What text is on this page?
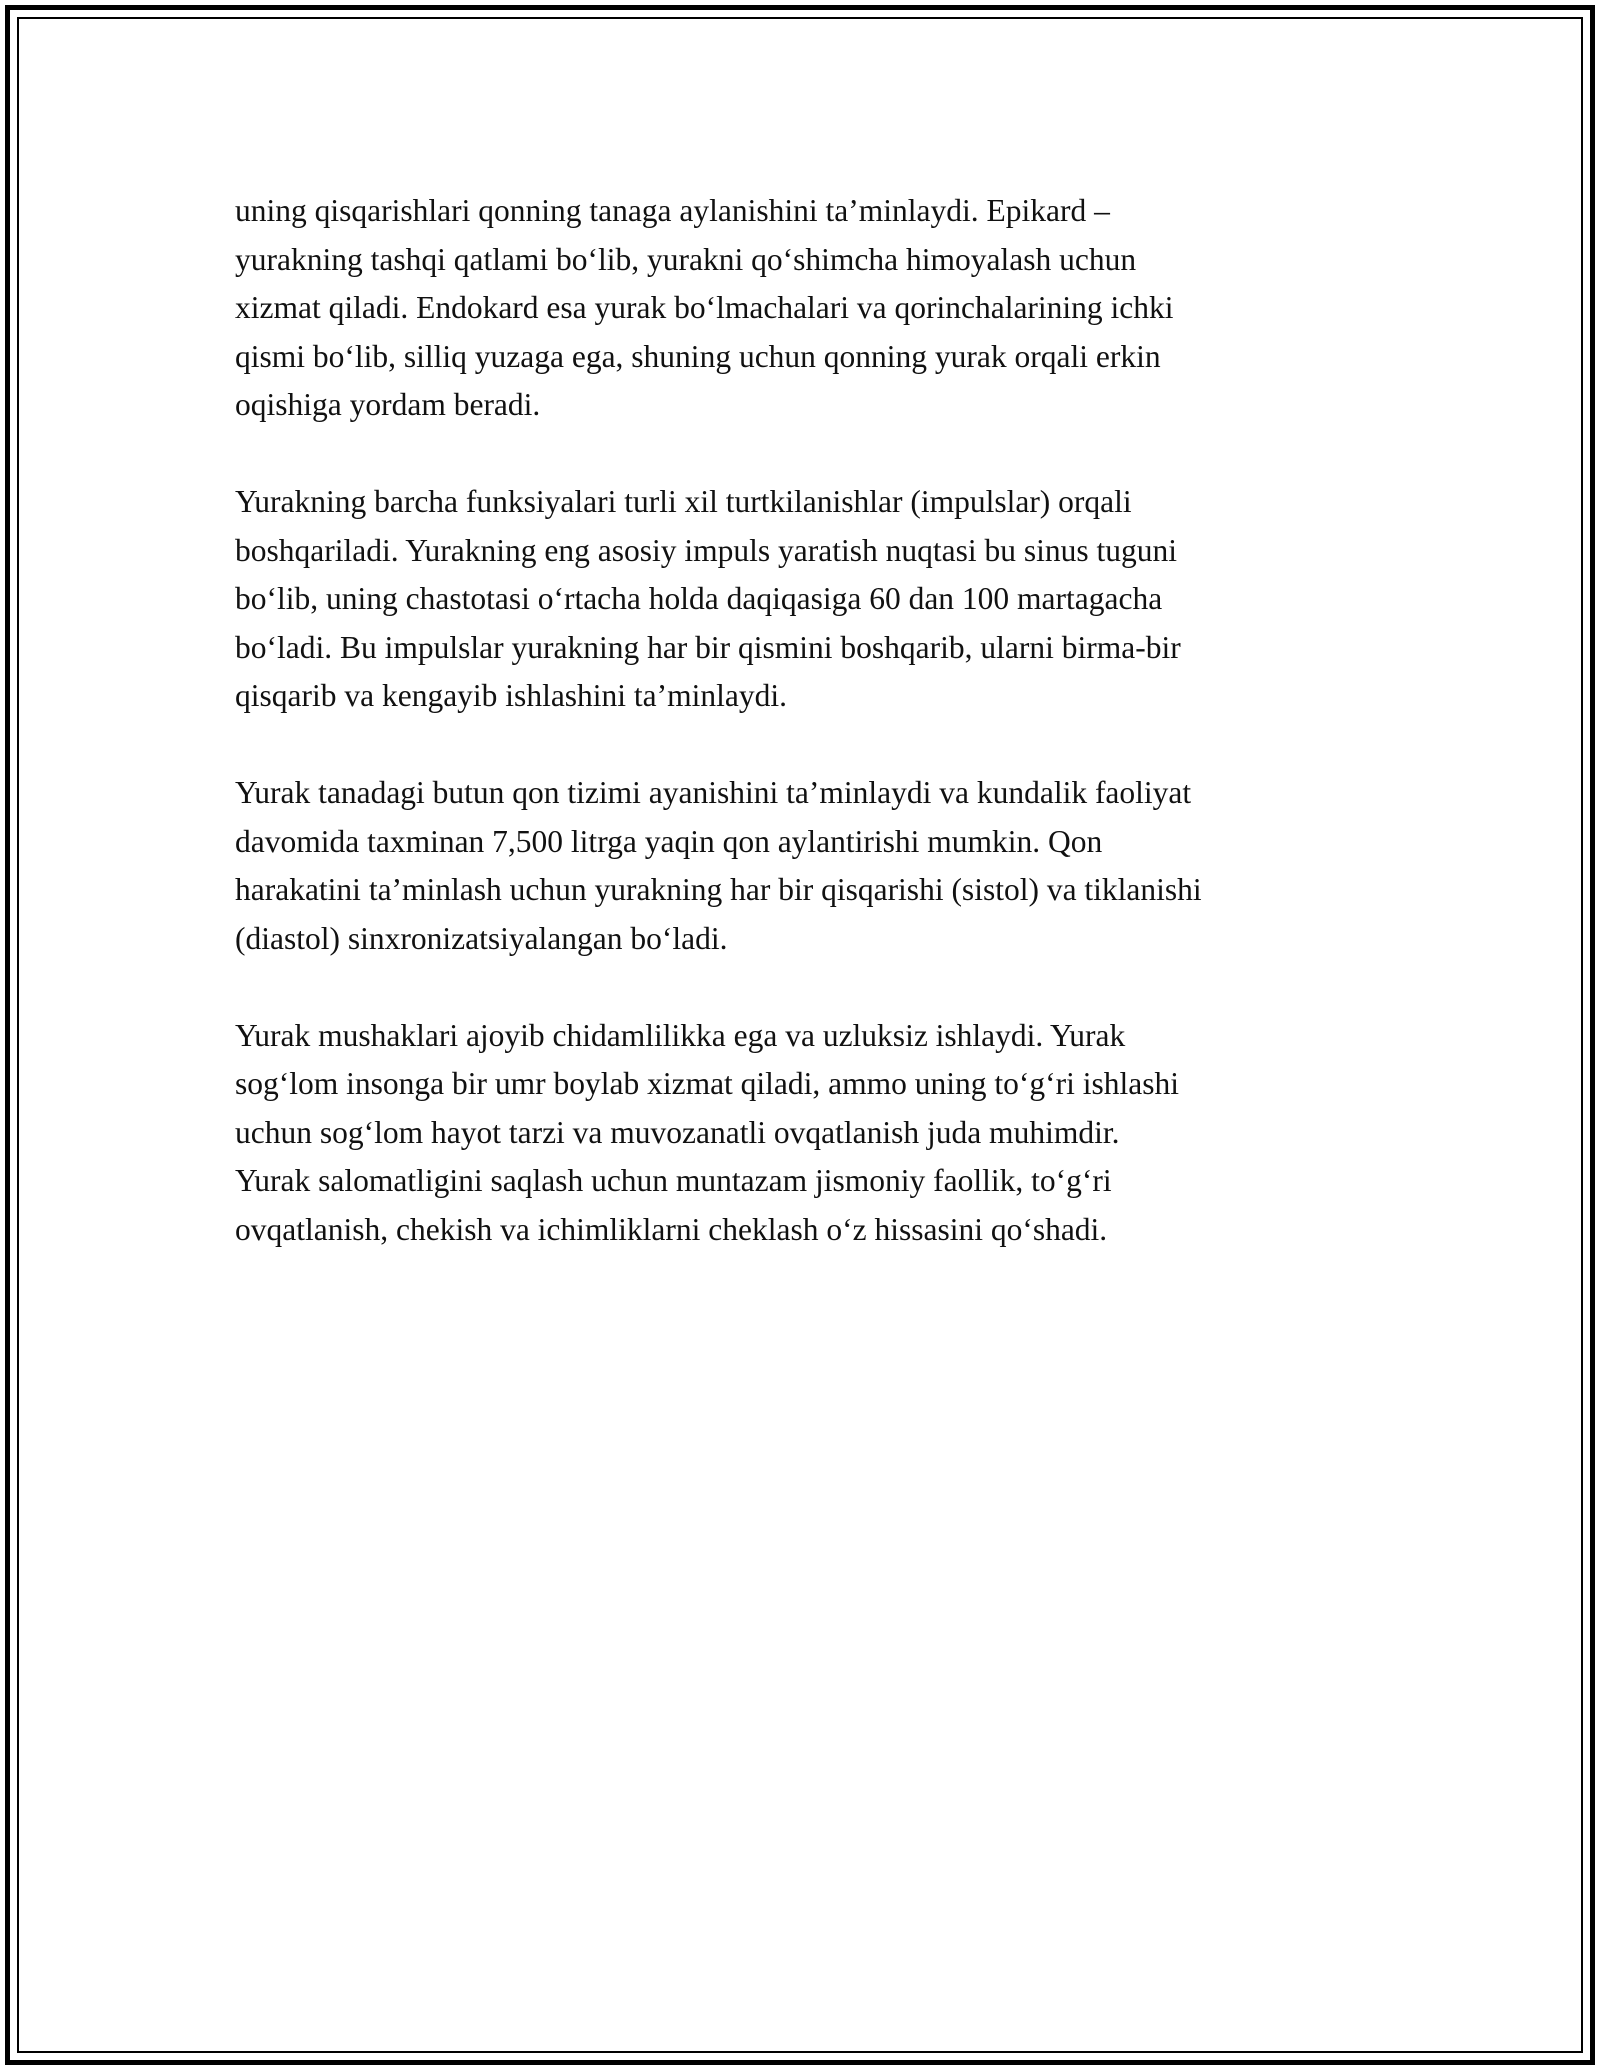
uning qisqarishlari qonning tanaga aylanishini ta’minlaydi. Epikard –
yurakning tashqi qatlami bo‘lib, yurakni qo‘shimcha himoyalash uchun
xizmat qiladi. Endokard esa yurak bo‘lmachalari va qorinchalarining ichki
qismi bo‘lib, silliq yuzaga ega, shuning uchun qonning yurak orqali erkin
oqishiga yordam beradi.

Yurakning barcha funksiyalari turli xil turtkilanishlar (impulslar) orqali
boshqariladi. Yurakning eng asosiy impuls yaratish nuqtasi bu sinus tuguni
bo‘lib, uning chastotasi o‘rtacha holda daqiqasiga 60 dan 100 martagacha
bo‘ladi. Bu impulslar yurakning har bir qismini boshqarib, ularni birma-bir
qisqarib va kengayib ishlashini ta’minlaydi.

Yurak tanadagi butun qon tizimi ayanishini ta’minlaydi va kundalik faoliyat
davomida taxminan 7,500 litrga yaqin qon aylantirishi mumkin. Qon
harakatini ta’minlash uchun yurakning har bir qisqarishi (sistol) va tiklanishi
(diastol) sinxronizatsiyalangan bo‘ladi.

Yurak mushaklari ajoyib chidamlilikka ega va uzluksiz ishlaydi. Yurak
sog‘lom insonga bir umr boylab xizmat qiladi, ammo uning to‘g‘ri ishlashi
uchun sog‘lom hayot tarzi va muvozanatli ovqatlanish juda muhimdir.
Yurak salomatligini saqlash uchun muntazam jismoniy faollik, to‘g‘ri
ovqatlanish, chekish va ichimliklarni cheklash o‘z hissasini qo‘shadi.
